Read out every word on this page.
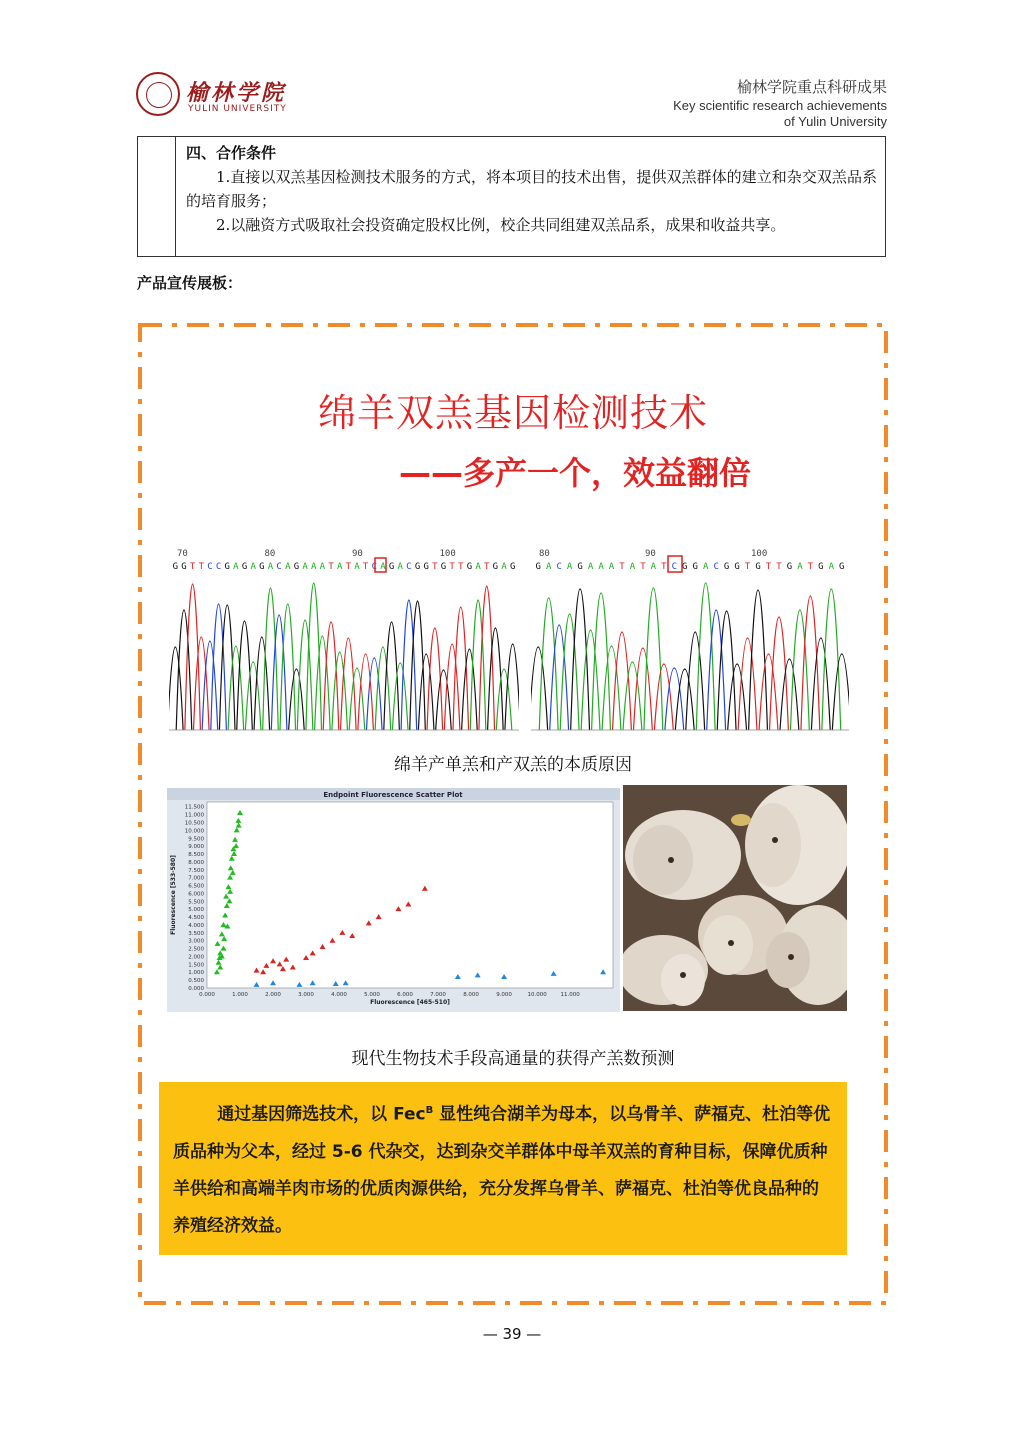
榆林学院
YULIN UNIVERSITY
榆林学院重点科研成果
Key scientific research achievements
of Yulin University
四、合作条件

1.直接以双羔基因检测技术服务的方式，将本项目的技术出售，提供双羔群体的建立和杂交双羔品系的培育服务；

2.以融资方式吸取社会投资确定股权比例，校企共同组建双羔品系，成果和收益共享。

产品宣传展板：
绵羊双羔基因检测技术
——多产一个，效益翻倍
70	80	90	100
G G T T C C G A G A G A C A G A A A T A T A T C A G A C G G T G T T G A T G A G
80	90	100
G A C A G A A A T A T A T C G G A C G G T G T T G A T G A G
绵羊产单羔和产双羔的本质原因
Endpoint Fluorescence Scatter Plot
0.000	1.000	2.000	3.000	4.000	5.000	6.000	7.000	8.000	9.000	10.000	11.000
0.000
0.500
1.000
1.500
2.000
2.500
3.000
3.500
4.000
4.500
5.000
5.500
6.000
6.500
7.000
7.500
8.000
8.500
9.000
9.500
10.000
10.500
11.000
11.500
Fluorescence [465-510]
Fluorescence [533-580]
现代生物技术手段高通量的获得产羔数预测

通过基因筛选技术，以 Fec$^B$ 显性纯合湖羊为母本，以乌骨羊、萨福克、杜泊等优质品种为父本，经过 5-6 代杂交，达到杂交羊群体中母羊双羔的育种目标，保障优质种羊供给和高端羊肉市场的优质肉源供给，充分发挥乌骨羊、萨福克、杜泊等优良品种的养殖经济效益。

— 39 —
